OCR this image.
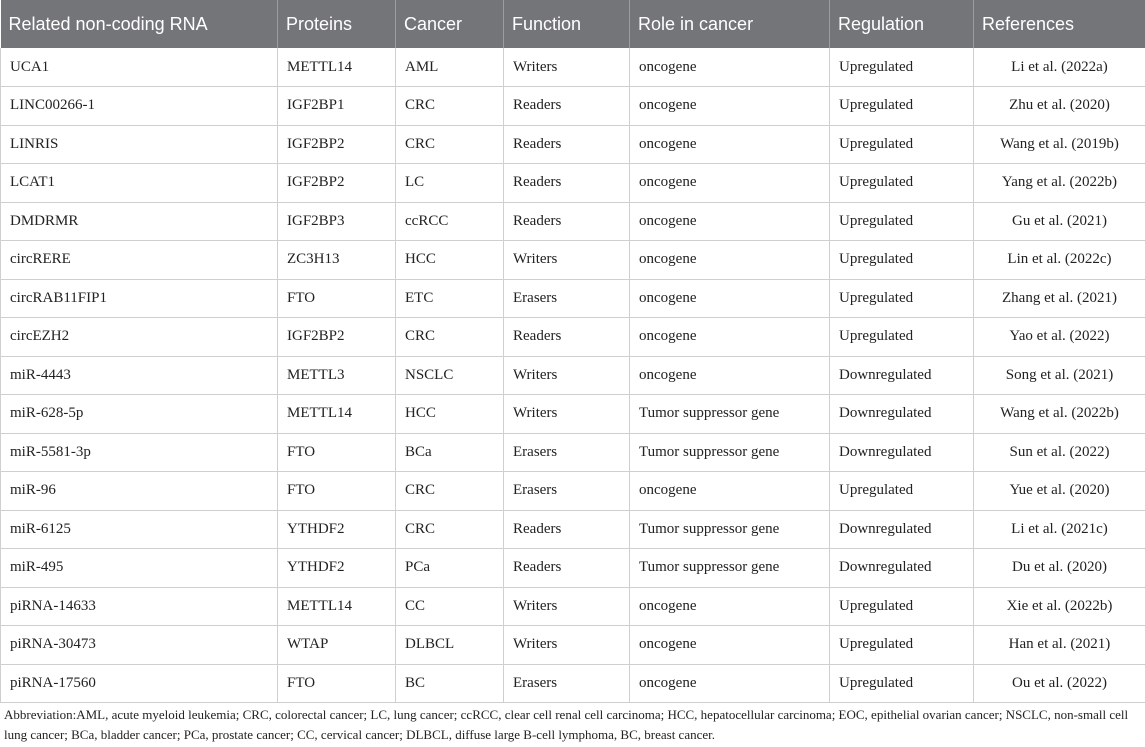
Related non-coding RNA	Proteins	Cancer	Function	Role in cancer	Regulation	References
UCA1	METTL14	AML	Writers	oncogene	Upregulated	Li et al. (2022a)
LINC00266-1	IGF2BP1	CRC	Readers	oncogene	Upregulated	Zhu et al. (2020)
LINRIS	IGF2BP2	CRC	Readers	oncogene	Upregulated	Wang et al. (2019b)
LCAT1	IGF2BP2	LC	Readers	oncogene	Upregulated	Yang et al. (2022b)
DMDRMR	IGF2BP3	ccRCC	Readers	oncogene	Upregulated	Gu et al. (2021)
circRERE	ZC3H13	HCC	Writers	oncogene	Upregulated	Lin et al. (2022c)
circRAB11FIP1	FTO	ETC	Erasers	oncogene	Upregulated	Zhang et al. (2021)
circEZH2	IGF2BP2	CRC	Readers	oncogene	Upregulated	Yao et al. (2022)
miR-4443	METTL3	NSCLC	Writers	oncogene	Downregulated	Song et al. (2021)
miR-628-5p	METTL14	HCC	Writers	Tumor suppressor gene	Downregulated	Wang et al. (2022b)
miR-5581-3p	FTO	BCa	Erasers	Tumor suppressor gene	Downregulated	Sun et al. (2022)
miR-96	FTO	CRC	Erasers	oncogene	Upregulated	Yue et al. (2020)
miR-6125	YTHDF2	CRC	Readers	Tumor suppressor gene	Downregulated	Li et al. (2021c)
miR-495	YTHDF2	PCa	Readers	Tumor suppressor gene	Downregulated	Du et al. (2020)
piRNA-14633	METTL14	CC	Writers	oncogene	Upregulated	Xie et al. (2022b)
piRNA-30473	WTAP	DLBCL	Writers	oncogene	Upregulated	Han et al. (2021)
piRNA-17560	FTO	BC	Erasers	oncogene	Upregulated	Ou et al. (2022)

Abbreviation:AML, acute myeloid leukemia; CRC, colorectal cancer; LC, lung cancer; ccRCC, clear cell renal cell carcinoma; HCC, hepatocellular carcinoma; EOC, epithelial ovarian cancer; NSCLC, non-small cell lung cancer; BCa, bladder cancer; PCa, prostate cancer; CC, cervical cancer; DLBCL, diffuse large B-cell lymphoma, BC, breast cancer.
